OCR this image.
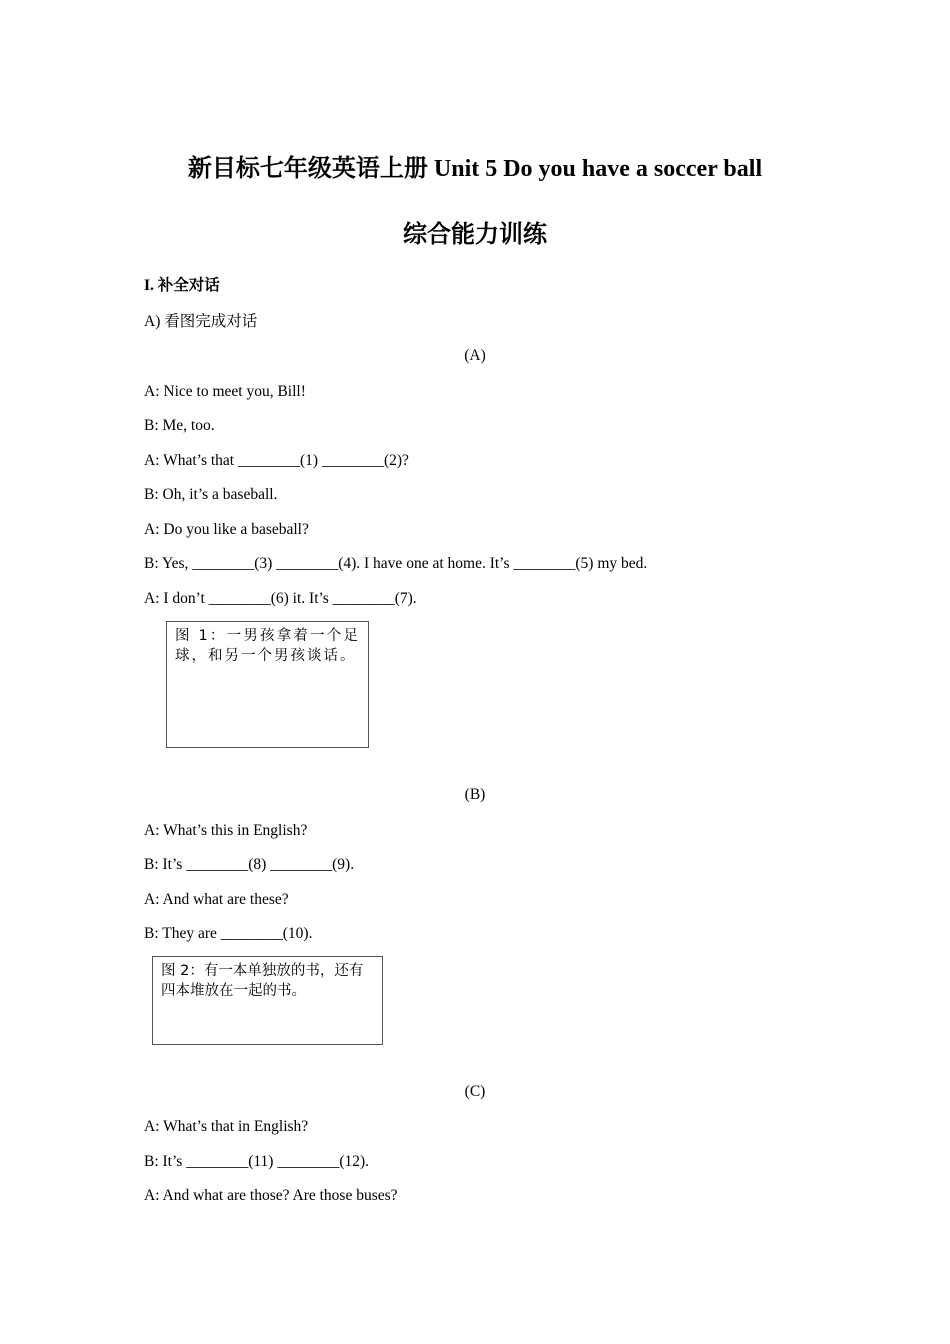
新目标七年级英语上册 Unit 5 Do you have a soccer ball
综合能力训练
I. 补全对话
A) 看图完成对话
(A)
A: Nice to meet you, Bill!
B: Me, too.
A: What’s that ________(1) ________(2)?
B: Oh, it’s a baseball.
A: Do you like a baseball?
B: Yes, ________(3) ________(4). I have one at home. It’s ________(5) my bed.
A: I don’t ________(6) it. It’s ________(7).
图 1：一男孩拿着一个足球，和另一个男孩谈话。
(B)
A: What’s this in English?
B: It’s ________(8) ________(9).
A: And what are these?
B: They are ________(10).
图 2：有一本单独放的书，还有四本堆放在一起的书。
(C)
A: What’s that in English?
B: It’s ________(11) ________(12).
A: And what are those? Are those buses?
